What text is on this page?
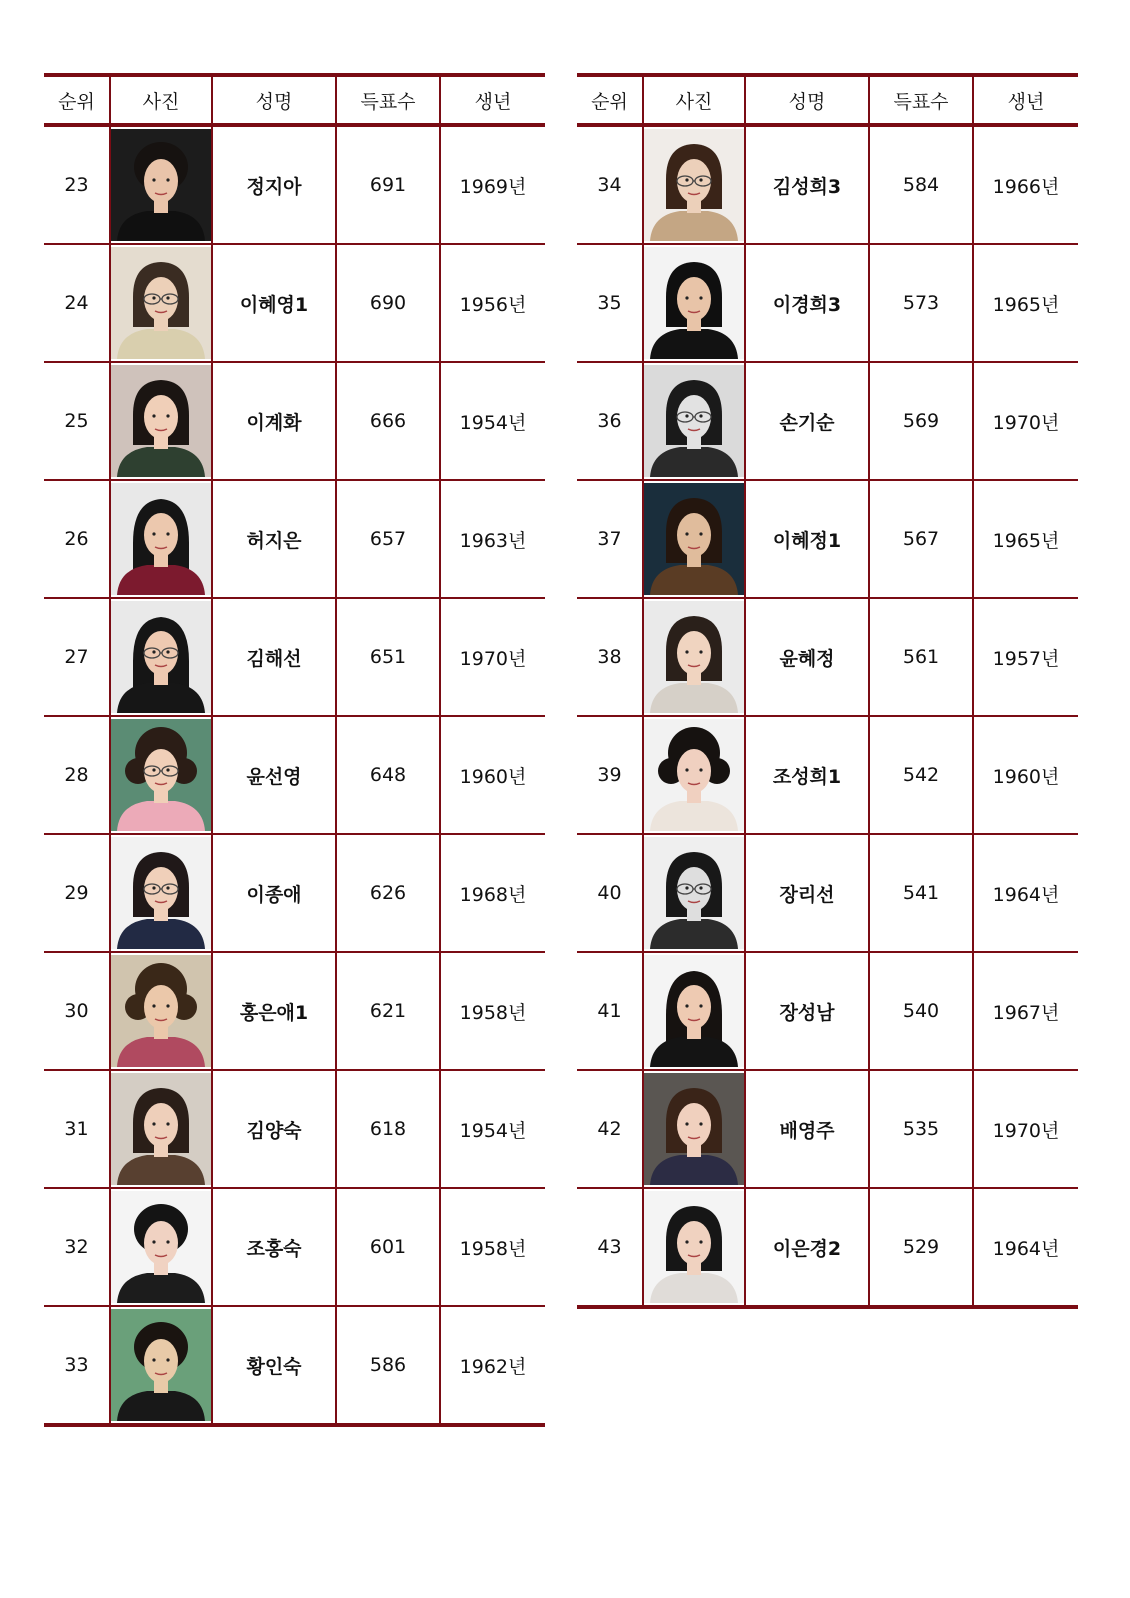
순위	사진	성명	득표수	생년
23		정지아	691	1969년
24		이혜영1	690	1956년
25		이계화	666	1954년
26		허지은	657	1963년
27		김해선	651	1970년
28		윤선영	648	1960년
29		이종애	626	1968년
30		홍은애1	621	1958년
31		김양숙	618	1954년
32		조홍숙	601	1958년
33		황인숙	586	1962년
순위	사진	성명	득표수	생년
34		김성희3	584	1966년
35		이경희3	573	1965년
36		손기순	569	1970년
37		이혜정1	567	1965년
38		윤혜정	561	1957년
39		조성희1	542	1960년
40		장리선	541	1964년
41		장성남	540	1967년
42		배영주	535	1970년
43		이은경2	529	1964년
